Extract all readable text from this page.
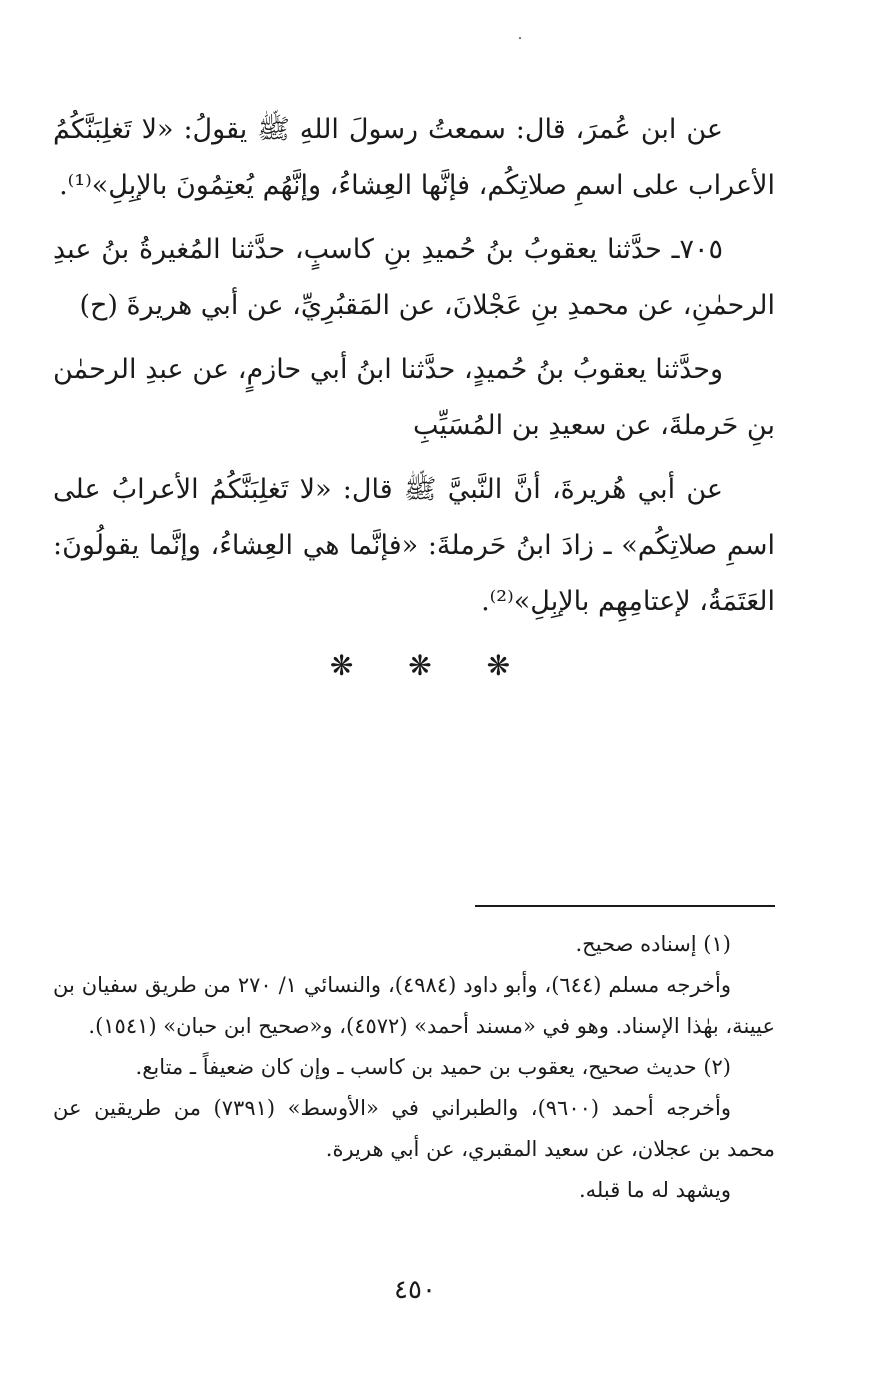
٠

عن ابن عُمرَ، قال: سمعتُ رسولَ اللهِ ﷺ يقولُ: «لا تَغلِبَنَّكُمُ الأعراب على اسمِ صلاتِكُم، فإنَّها العِشاءُ، وإنَّهُم يُعتِمُونَ بالإبِلِ»⁽¹⁾.

٧٠٥ـ حدَّثنا يعقوبُ بنُ حُميدِ بنِ كاسبٍ، حدَّثنا المُغيرةُ بنُ عبدِ الرحمٰنِ، عن محمدِ بنِ عَجْلانَ، عن المَقبُرِيِّ، عن أبي هريرةَ (ح)

وحدَّثنا يعقوبُ بنُ حُميدٍ، حدَّثنا ابنُ أبي حازمٍ، عن عبدِ الرحمٰن بنِ حَرملةَ، عن سعيدِ بن المُسَيِّبِ

عن أبي هُريرةَ، أنَّ النَّبيَّ ﷺ قال: «لا تَغلِبَنَّكُمُ الأعرابُ على اسمِ صلاتِكُم» ـ زادَ ابنُ حَرملةَ: «فإنَّما هي العِشاءُ، وإنَّما يقولُونَ: العَتَمَةُ، لإعتامِهِم بالإبِلِ»⁽²⁾.

❋ ❋ ❋

(١) إسناده صحيح.

وأخرجه مسلم (٦٤٤)، وأبو داود (٤٩٨٤)، والنسائي ١/ ٢٧٠ من طريق سفيان بن عيينة، بهٰذا الإسناد. وهو في «مسند أحمد» (٤٥٧٢)، و«صحيح ابن حبان» (١٥٤١).

(٢) حديث صحيح، يعقوب بن حميد بن كاسب ـ وإن كان ضعيفاً ـ متابع.

وأخرجه أحمد (٩٦٠٠)، والطبراني في «الأوسط» (٧٣٩١) من طريقين عن محمد بن عجلان، عن سعيد المقبري، عن أبي هريرة.

ويشهد له ما قبله.

٤٥٠
